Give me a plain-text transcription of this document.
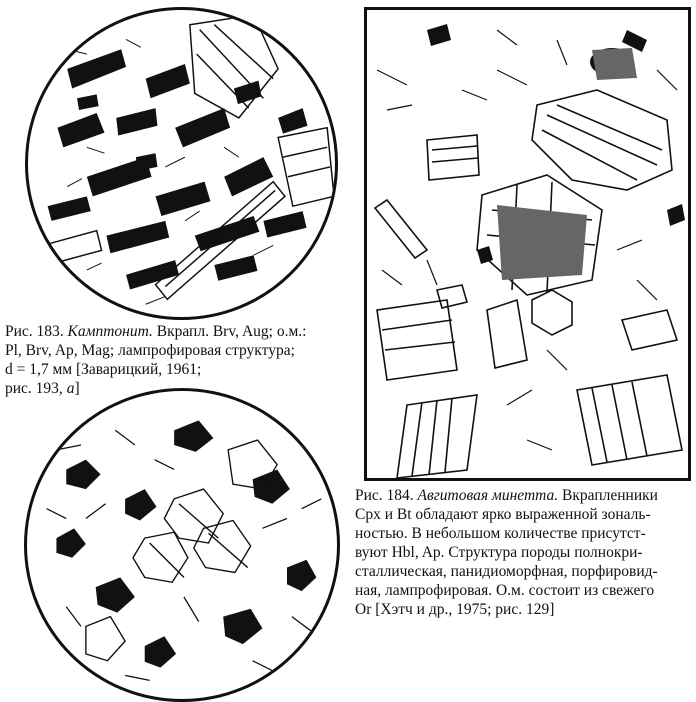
Рис. 183. Камптонит. Вкрапл. Brv, Aug; о.м.:
Pl, Brv, Ap, Mag; лампрофировая структура;
d = 1,7 мм [Заварицкий, 1961;
рис. 193, а]
Рис. 184. Авгитовая минетта. Вкрапленники
Cpx и Bt обладают ярко выраженной зональ-
ностью. В небольшом количестве присутст-
вуют Hbl, Ap. Структура породы полнокри-
сталлическая, панидиоморфная, порфировид-
ная, лампрофировая. О.м. состоит из свежего
Or [Хэтч и др., 1975; рис. 129]
